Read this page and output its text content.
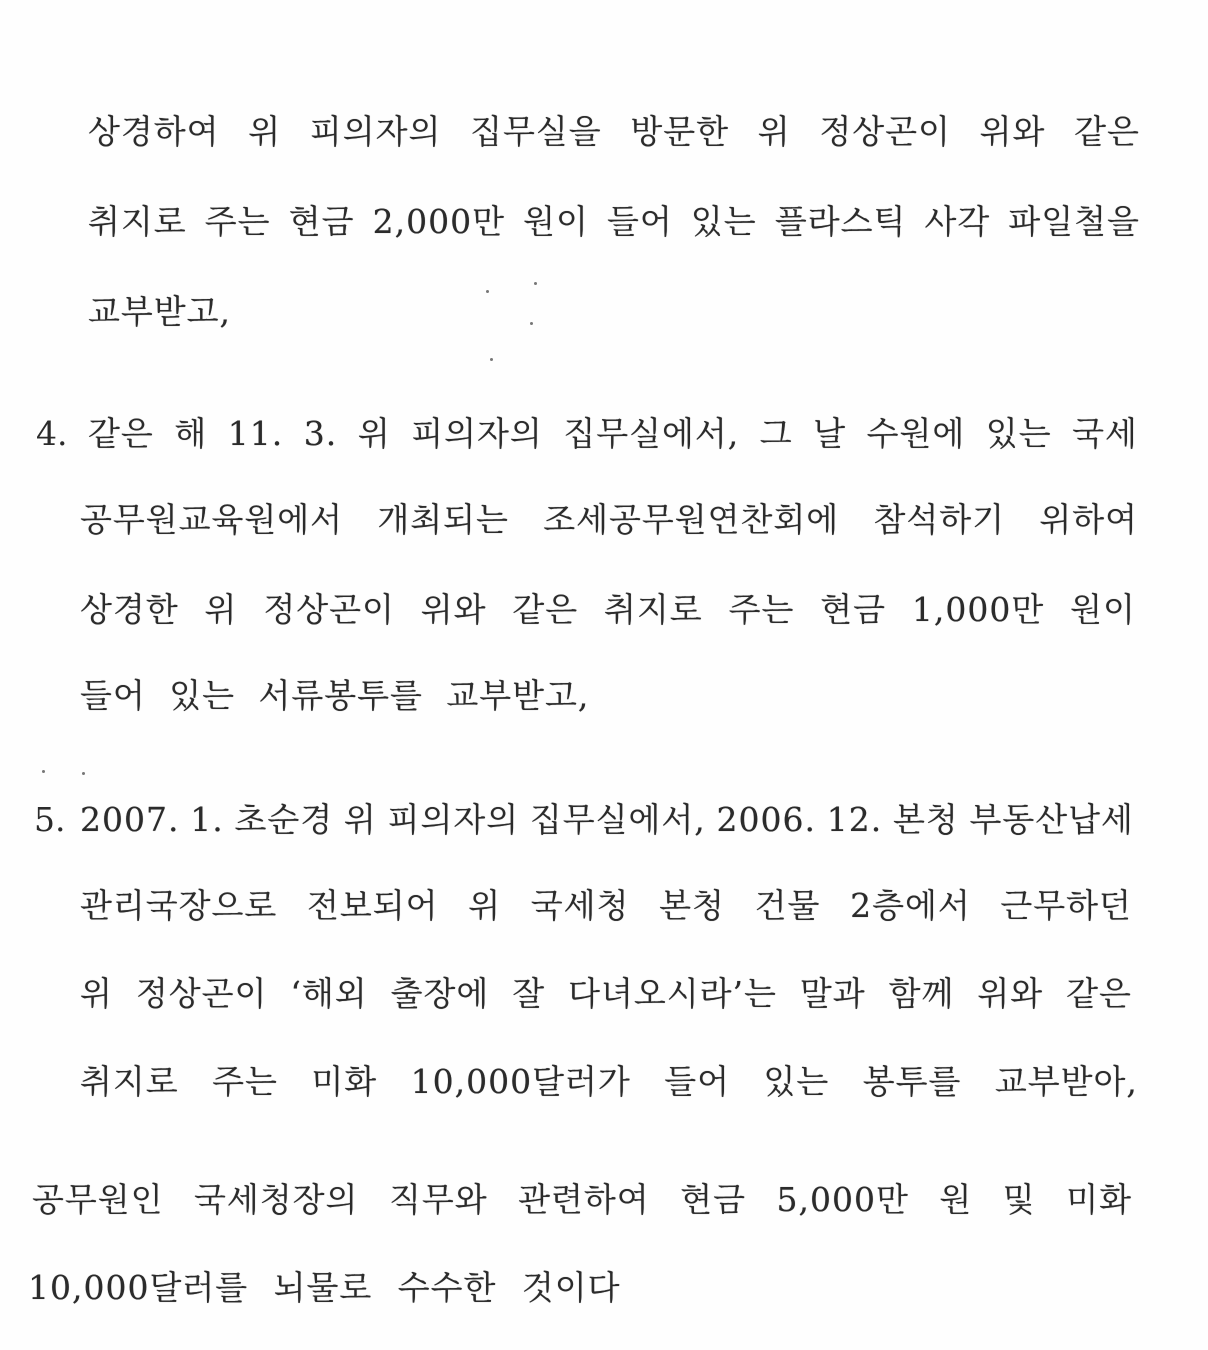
상경하여 위 피의자의 집무실을 방문한 위 정상곤이 위와 같은
취지로 주는 현금 2,000만 원이 들어 있는 플라스틱 사각 파일철을
교부받고,
4. 같은 해 11. 3. 위 피의자의 집무실에서, 그 날 수원에 있는 국세
공무원교육원에서 개최되는 조세공무원연찬회에 참석하기 위하여
상경한 위 정상곤이 위와 같은 취지로 주는 현금 1,000만 원이
들어 있는 서류봉투를 교부받고,
5. 2007. 1. 초순경 위 피의자의 집무실에서, 2006. 12. 본청 부동산납세
관리국장으로 전보되어 위 국세청 본청 건물 2층에서 근무하던
위 정상곤이 ‘해외 출장에 잘 다녀오시라’는 말과 함께 위와 같은
취지로 주는 미화 10,000달러가 들어 있는 봉투를 교부받아,
공무원인 국세청장의 직무와 관련하여 현금 5,000만 원 및 미화
10,000달러를 뇌물로 수수한 것이다
